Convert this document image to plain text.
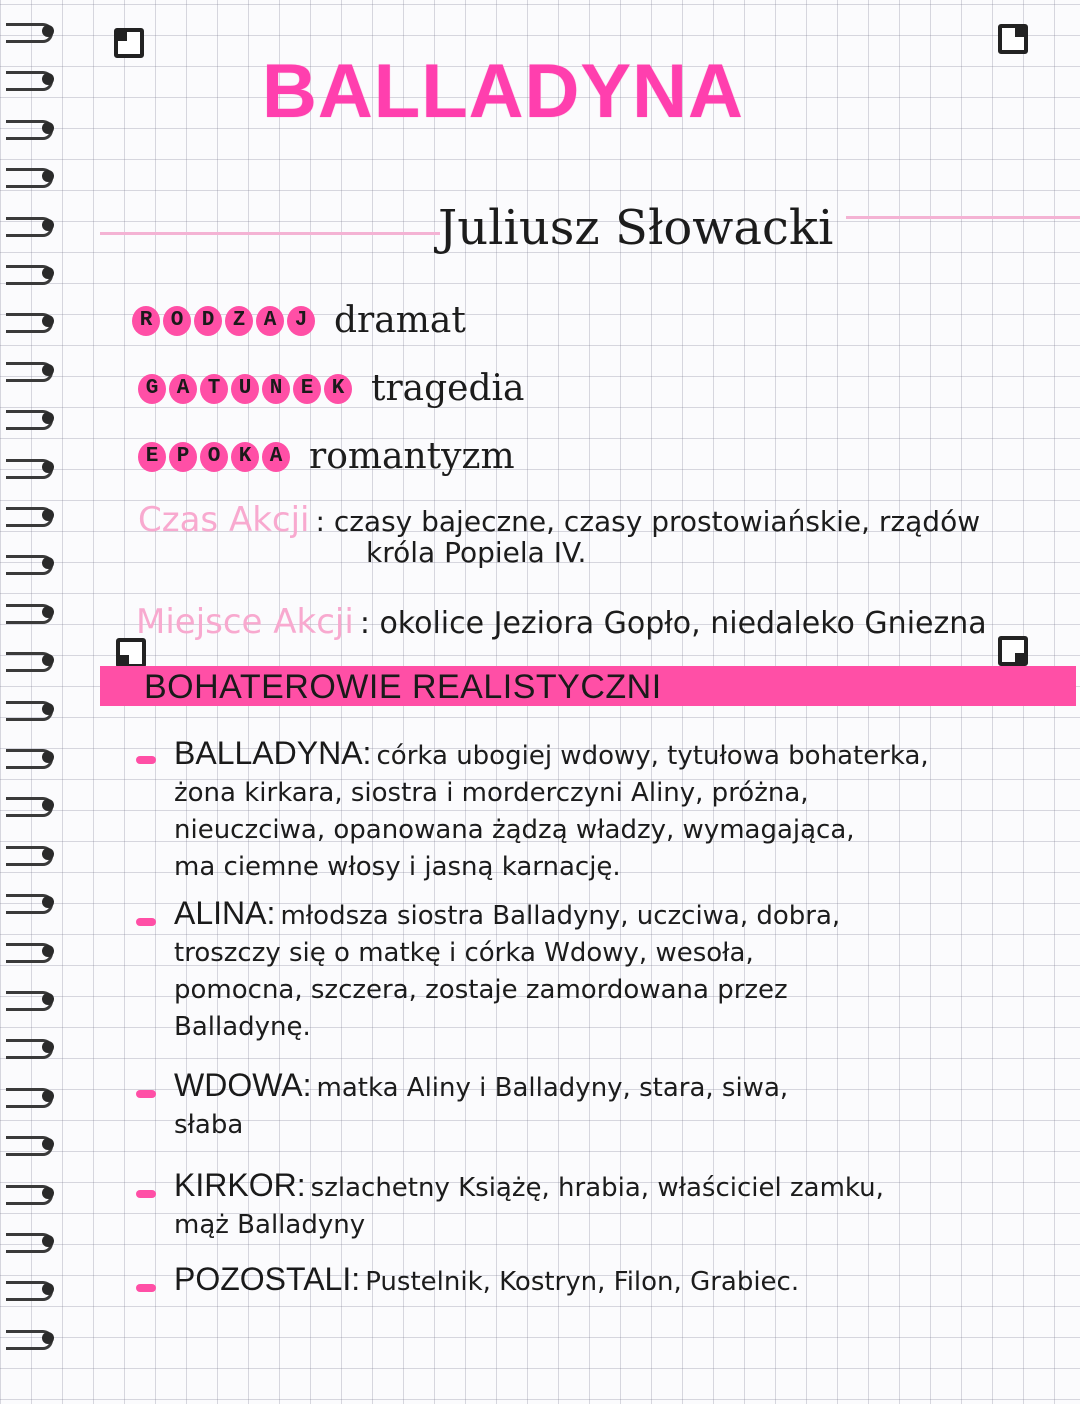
BALLADYNA
Juliusz Słowacki
R O D Z A J dramat
G A T U N E K tragedia
E P O K A romantyzm
Czas Akcji : czasy bajeczne, czasy prostowiańskie, rządów
króla Popiela IV.
Miejsce Akcji : okolice Jeziora Gopło, niedaleko Gniezna
BOHATEROWIE REALISTYCZNI
BALLADYNA: córka ubogiej wdowy, tytułowa bohaterka,
żona kirkara, siostra i morderczyni Aliny, próżna,
nieuczciwa, opanowana żądzą władzy, wymagająca,
ma ciemne włosy i jasną karnację.
ALINA: młodsza siostra Balladyny, uczciwa, dobra,
troszczy się o matkę i córka Wdowy, wesoła,
pomocna, szczera, zostaje zamordowana przez
Balladynę.
WDOWA: matka Aliny i Balladyny, stara, siwa,
słaba
KIRKOR: szlachetny Książę, hrabia, właściciel zamku,
mąż Balladyny
POZOSTALI: Pustelnik, Kostryn, Filon, Grabiec.
